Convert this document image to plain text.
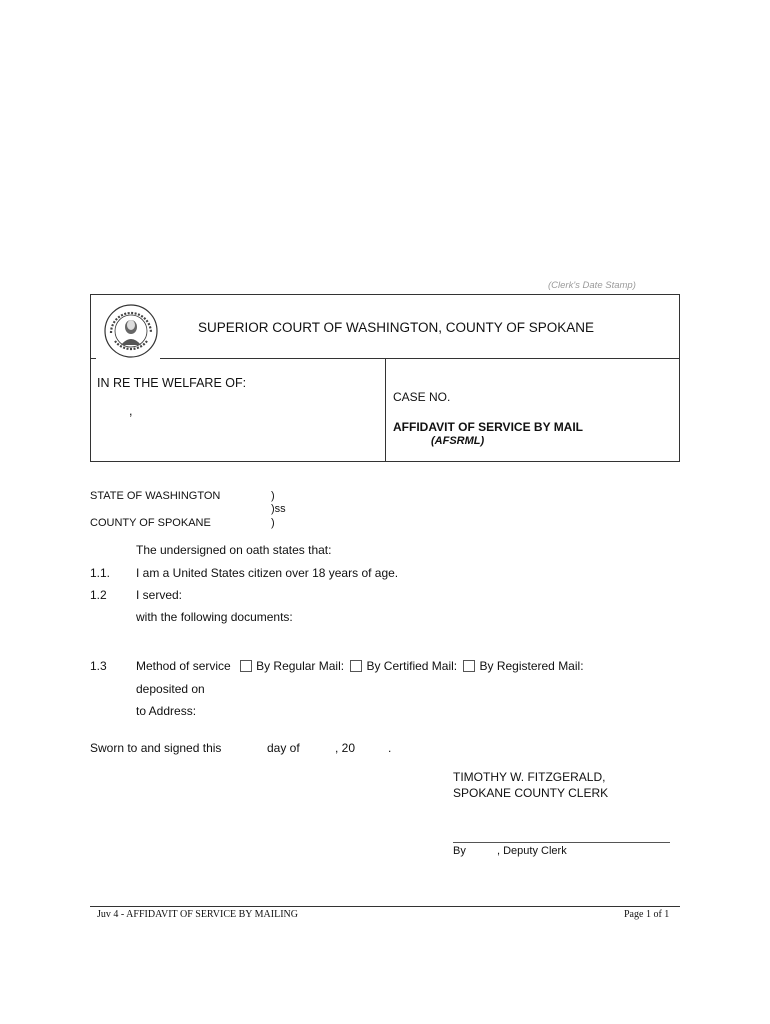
(Clerk's Date Stamp)
SUPERIOR COURT OF WASHINGTON, COUNTY OF SPOKANE
IN RE THE WELFARE OF:
,
CASE NO.
AFFIDAVIT OF SERVICE BY MAIL
(AFSRML)
STATE OF WASHINGTON	)
)ss
COUNTY OF SPOKANE	)
The undersigned on oath states that:
1.1. I am a United States citizen over 18 years of age.
1.2 I served:
with the following documents:
1.3 Method of service By Regular Mail: By Certified Mail: By Registered Mail:
deposited on
to Address:
Sworn to and signed this	day of	, 20	.
TIMOTHY W. FITZGERALD,
SPOKANE COUNTY CLERK
By	, Deputy Clerk
Juv 4 - AFFIDAVIT OF SERVICE BY MAILING	Page 1 of 1
